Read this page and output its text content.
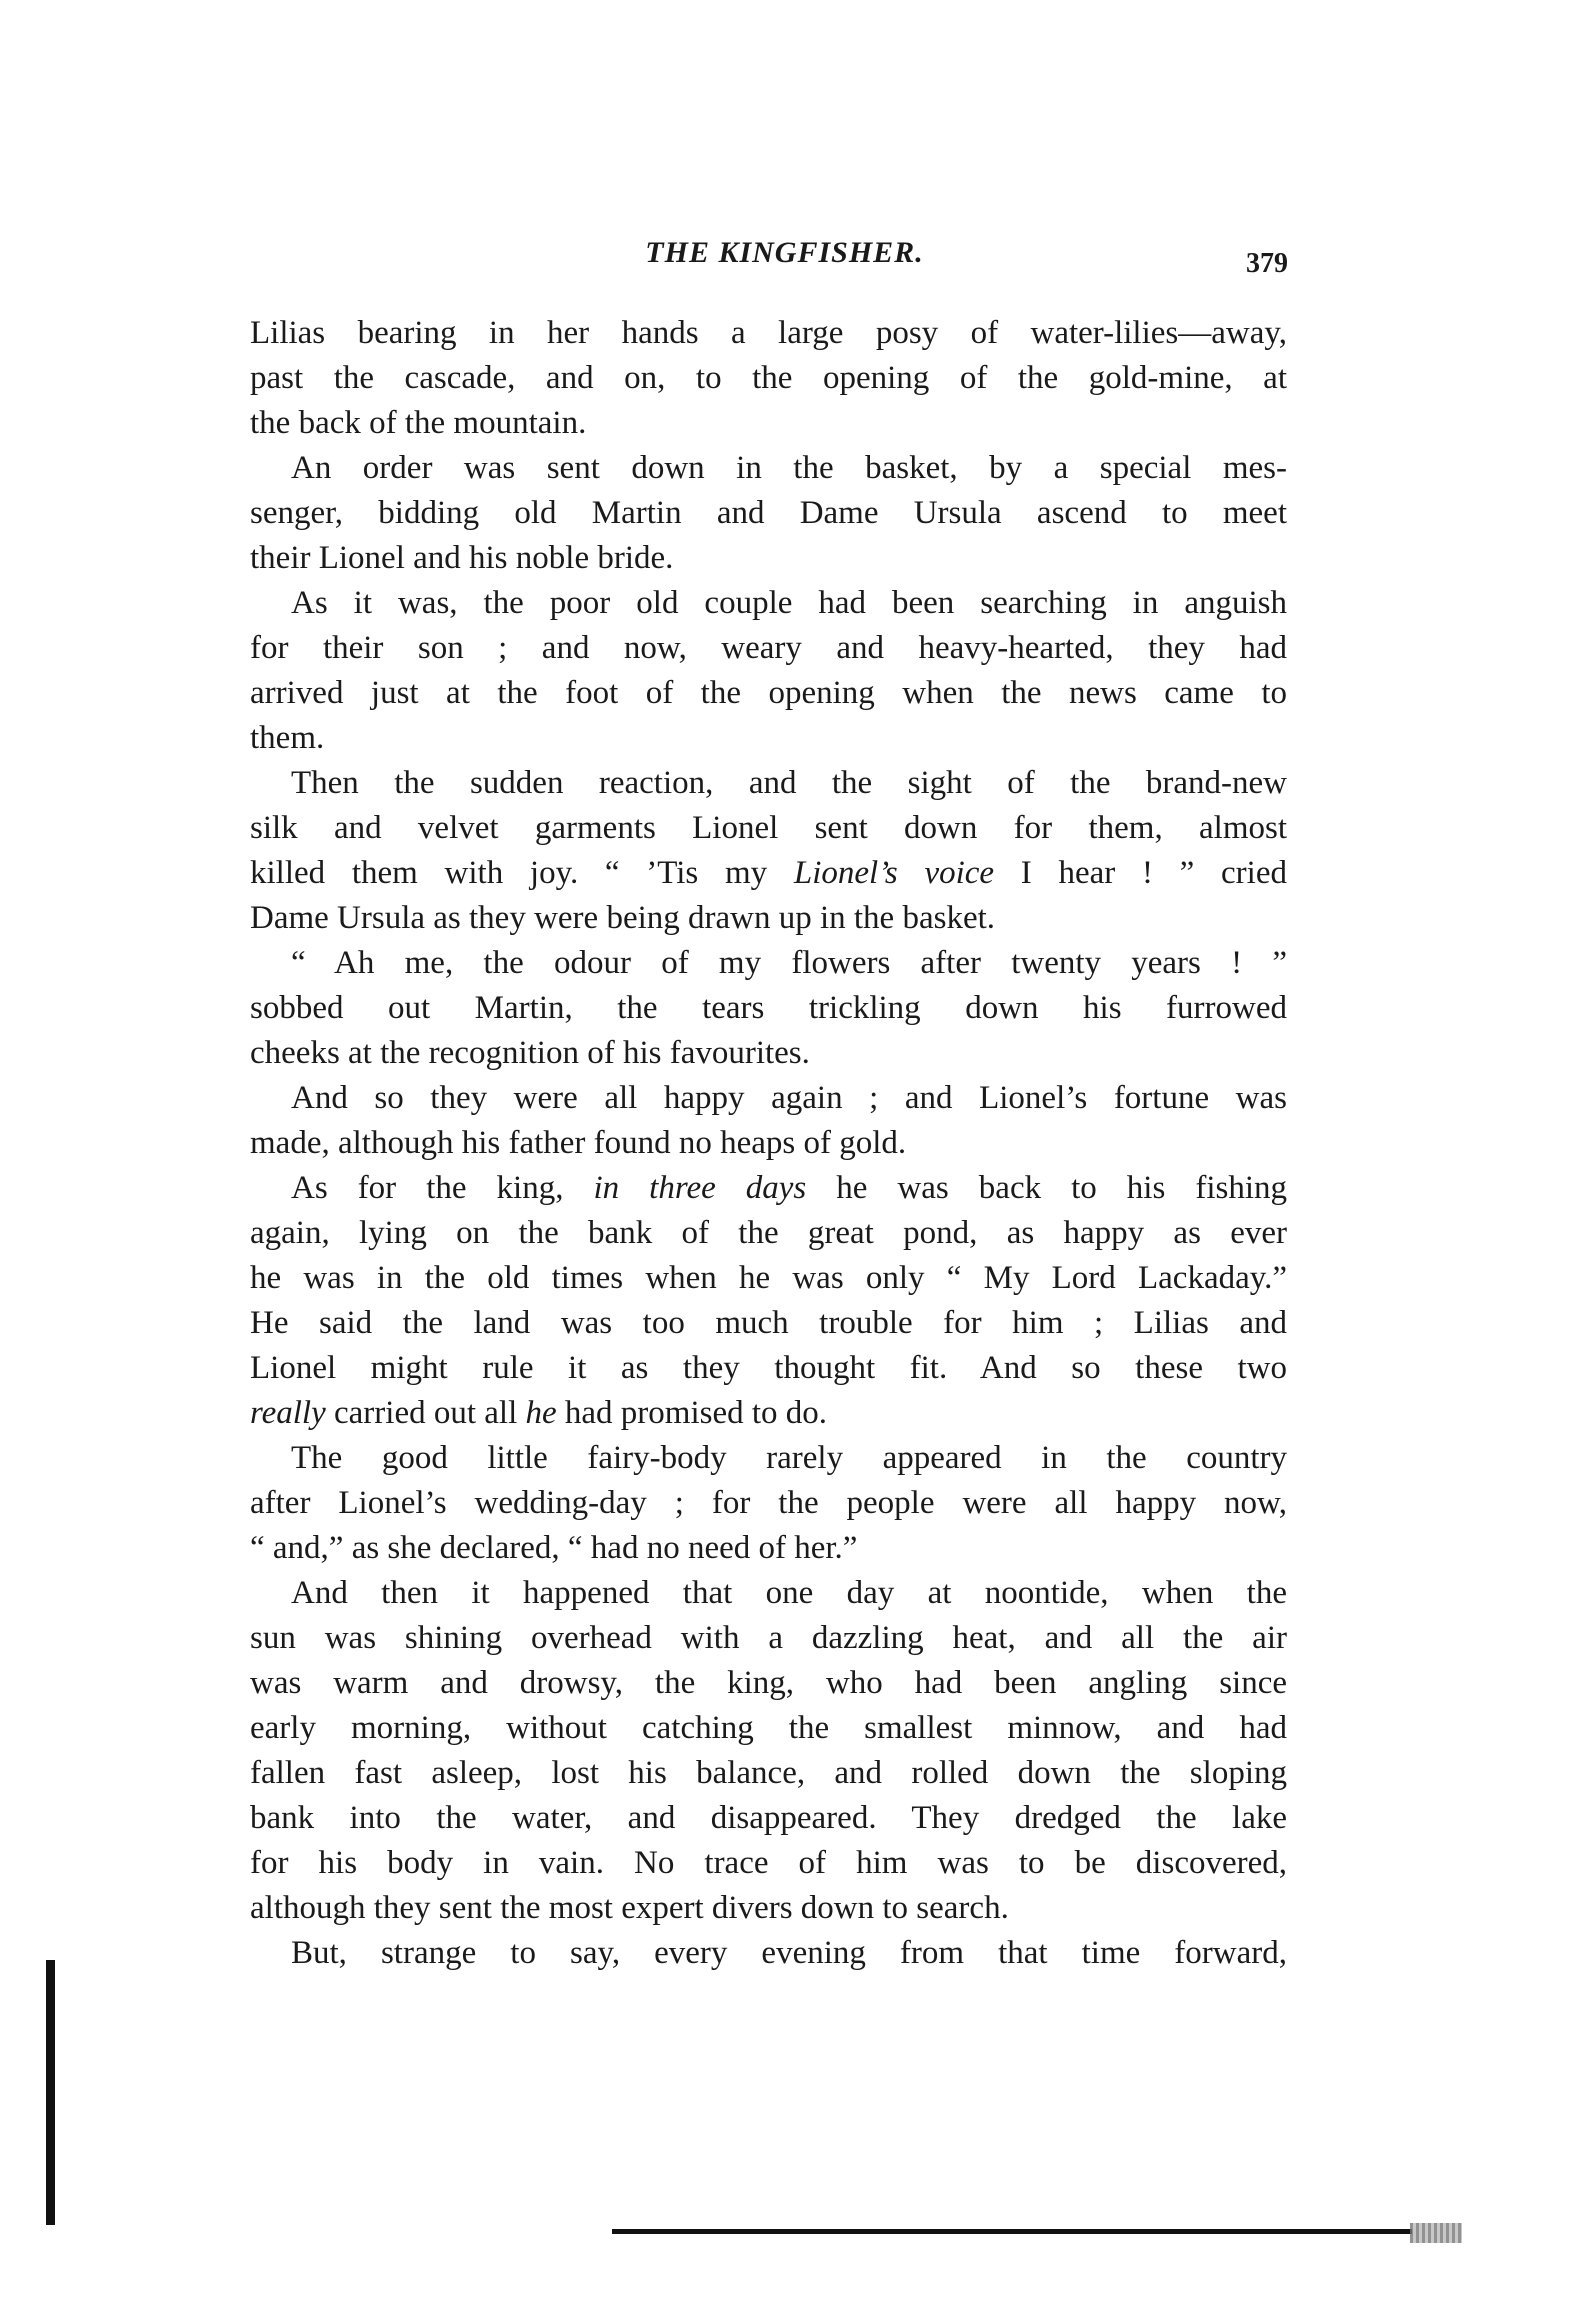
THE KINGFISHER.	379
Lilias bearing in her hands a large posy of water-lilies—away,
past the cascade, and on, to the opening of the gold-mine, at
the back of the mountain.
An order was sent down in the basket, by a special mes-
senger, bidding old Martin and Dame Ursula ascend to meet
their Lionel and his noble bride.
As it was, the poor old couple had been searching in anguish
for their son ; and now, weary and heavy-hearted, they had
arrived just at the foot of the opening when the news came to
them.
Then the sudden reaction, and the sight of the brand-new
silk and velvet garments Lionel sent down for them, almost
killed them with joy. “ ’Tis my Lionel’s voice I hear ! ” cried
Dame Ursula as they were being drawn up in the basket.
“ Ah me, the odour of my flowers after twenty years ! ”
sobbed out Martin, the tears trickling down his furrowed
cheeks at the recognition of his favourites.
And so they were all happy again ; and Lionel’s fortune was
made, although his father found no heaps of gold.
As for the king, in three days he was back to his fishing
again, lying on the bank of the great pond, as happy as ever
he was in the old times when he was only “ My Lord Lackaday.”
He said the land was too much trouble for him ; Lilias and
Lionel might rule it as they thought fit. And so these two
really carried out all he had promised to do.
The good little fairy-body rarely appeared in the country
after Lionel’s wedding-day ; for the people were all happy now,
“ and,” as she declared, “ had no need of her.”
And then it happened that one day at noontide, when the
sun was shining overhead with a dazzling heat, and all the air
was warm and drowsy, the king, who had been angling since
early morning, without catching the smallest minnow, and had
fallen fast asleep, lost his balance, and rolled down the sloping
bank into the water, and disappeared. They dredged the lake
for his body in vain. No trace of him was to be discovered,
although they sent the most expert divers down to search.
But, strange to say, every evening from that time forward,
